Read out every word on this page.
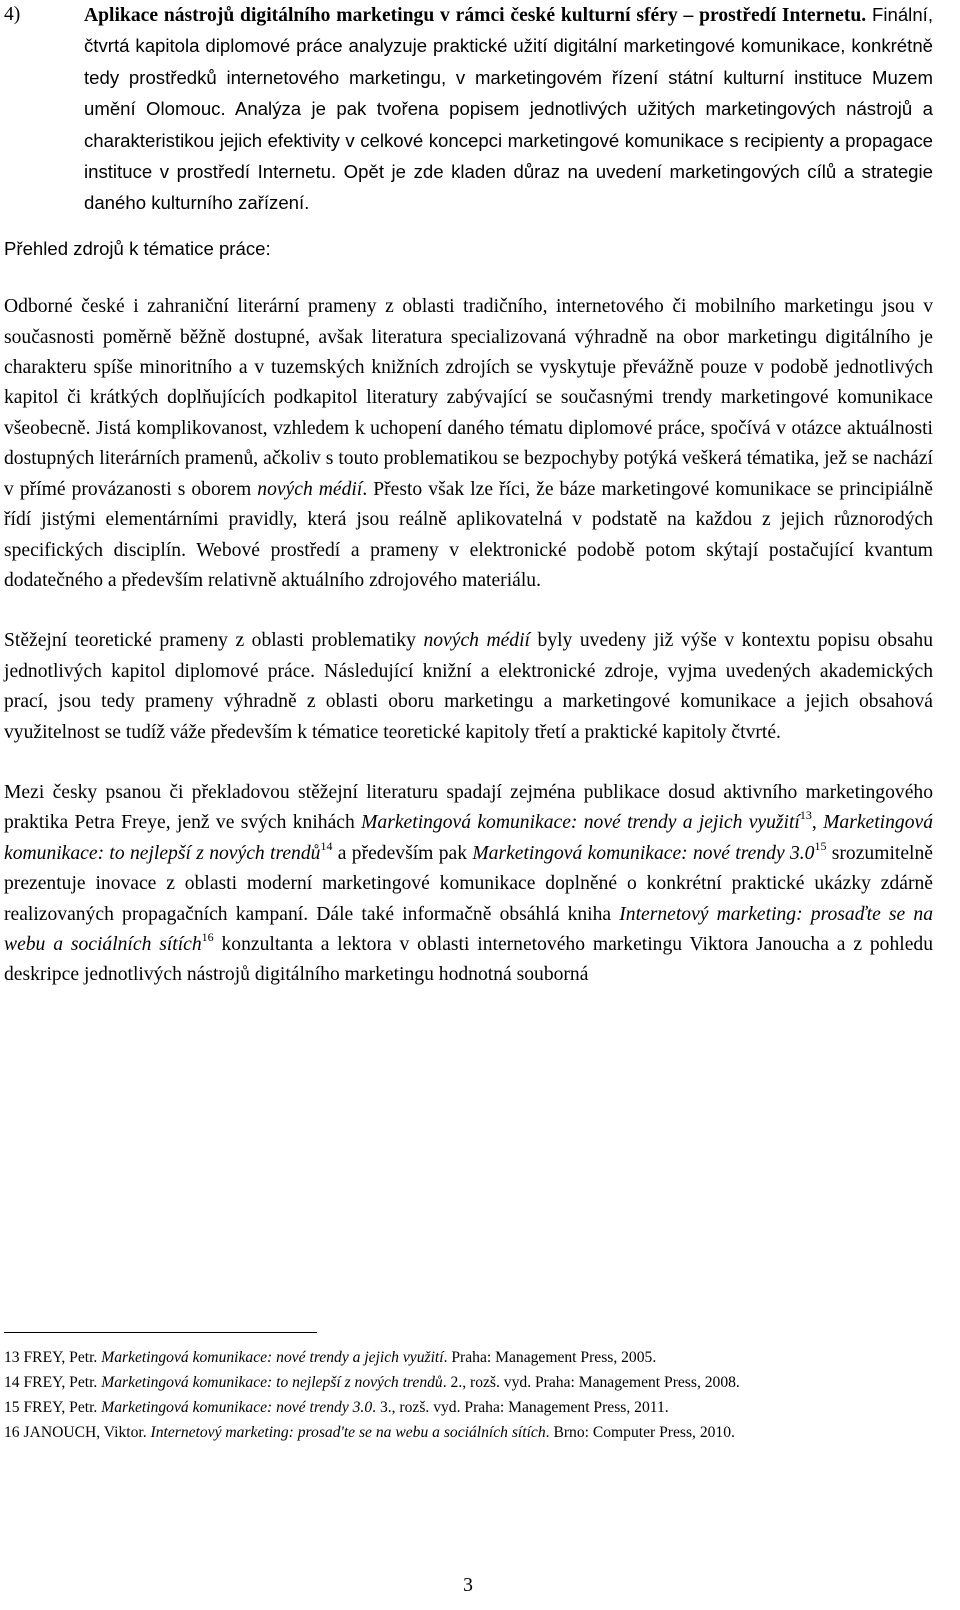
4)	Aplikace nástrojů digitálního marketingu v rámci české kulturní sféry – prostředí Internetu. Finální, čtvrtá kapitola diplomové práce analyzuje praktické užití digitální marketingové komunikace, konkrétně tedy prostředků internetového marketingu, v marketingovém řízení státní kulturní instituce Muzem umění Olomouc. Analýza je pak tvořena popisem jednotlivých užitých marketingových nástrojů a charakteristikou jejich efektivity v celkové koncepci marketingové komunikace s recipienty a propagace instituce v prostředí Internetu. Opět je zde kladen důraz na uvedení marketingových cílů a strategie daného kulturního zařízení.

Přehled zdrojů k tématice práce:

Odborné české i zahraniční literární prameny z oblasti tradičního, internetového či mobilního marketingu jsou v současnosti poměrně běžně dostupné, avšak literatura specializovaná výhradně na obor marketingu digitálního je charakteru spíše minoritního a v tuzemských knižních zdrojích se vyskytuje převážně pouze v podobě jednotlivých kapitol či krátkých doplňujících podkapitol literatury zabývající se současnými trendy marketingové komunikace všeobecně. Jistá komplikovanost, vzhledem k uchopení daného tématu diplomové práce, spočívá v otázce aktuálnosti dostupných literárních pramenů, ačkoliv s touto problematikou se bezpochyby potýká veškerá tématika, jež se nachází v přímé provázanosti s oborem nových médií. Přesto však lze říci, že báze marketingové komunikace se principiálně řídí jistými elementárními pravidly, která jsou reálně aplikovatelná v podstatě na každou z jejich různorodých specifických disciplín. Webové prostředí a prameny v elektronické podobě potom skýtají postačující kvantum dodatečného a především relativně aktuálního zdrojového materiálu.

Stěžejní teoretické prameny z oblasti problematiky nových médií byly uvedeny již výše v kontextu popisu obsahu jednotlivých kapitol diplomové práce. Následující knižní a elektronické zdroje, vyjma uvedených akademických prací, jsou tedy prameny výhradně z oblasti oboru marketingu a marketingové komunikace a jejich obsahová využitelnost se tudíž váže především k tématice teoretické kapitoly třetí a praktické kapitoly čtvrté.

Mezi česky psanou či překladovou stěžejní literaturu spadají zejména publikace dosud aktivního marketingového praktika Petra Freye, jenž ve svých knihách Marketingová komunikace: nové trendy a jejich využití$^{13}$, Marketingová komunikace: to nejlepší z nových trendů$^{14}$ a především pak Marketingová komunikace: nové trendy $3.0^{15}$ srozumitelně prezentuje inovace z oblasti moderní marketingové komunikace doplněné o konkrétní praktické ukázky zdárně realizovaných propagačních kampaní. Dále také informačně obsáhlá kniha Internetový marketing: prosaďte se na webu a sociálních sítích$^{16}$ konzultanta a lektora v oblasti internetového marketingu Viktora Janoucha a z pohledu deskripce jednotlivých nástrojů digitálního marketingu hodnotná souborná

13 FREY, Petr. Marketingová komunikace: nové trendy a jejich využití. Praha: Management Press, 2005.

14 FREY, Petr. Marketingová komunikace: to nejlepší z nových trendů. 2., rozš. vyd. Praha: Management Press, 2008.

15 FREY, Petr. Marketingová komunikace: nové trendy 3.0. 3., rozš. vyd. Praha: Management Press, 2011.

16 JANOUCH, Viktor. Internetový marketing: prosad'te se na webu a sociálních sítích. Brno: Computer Press, 2010.

3
